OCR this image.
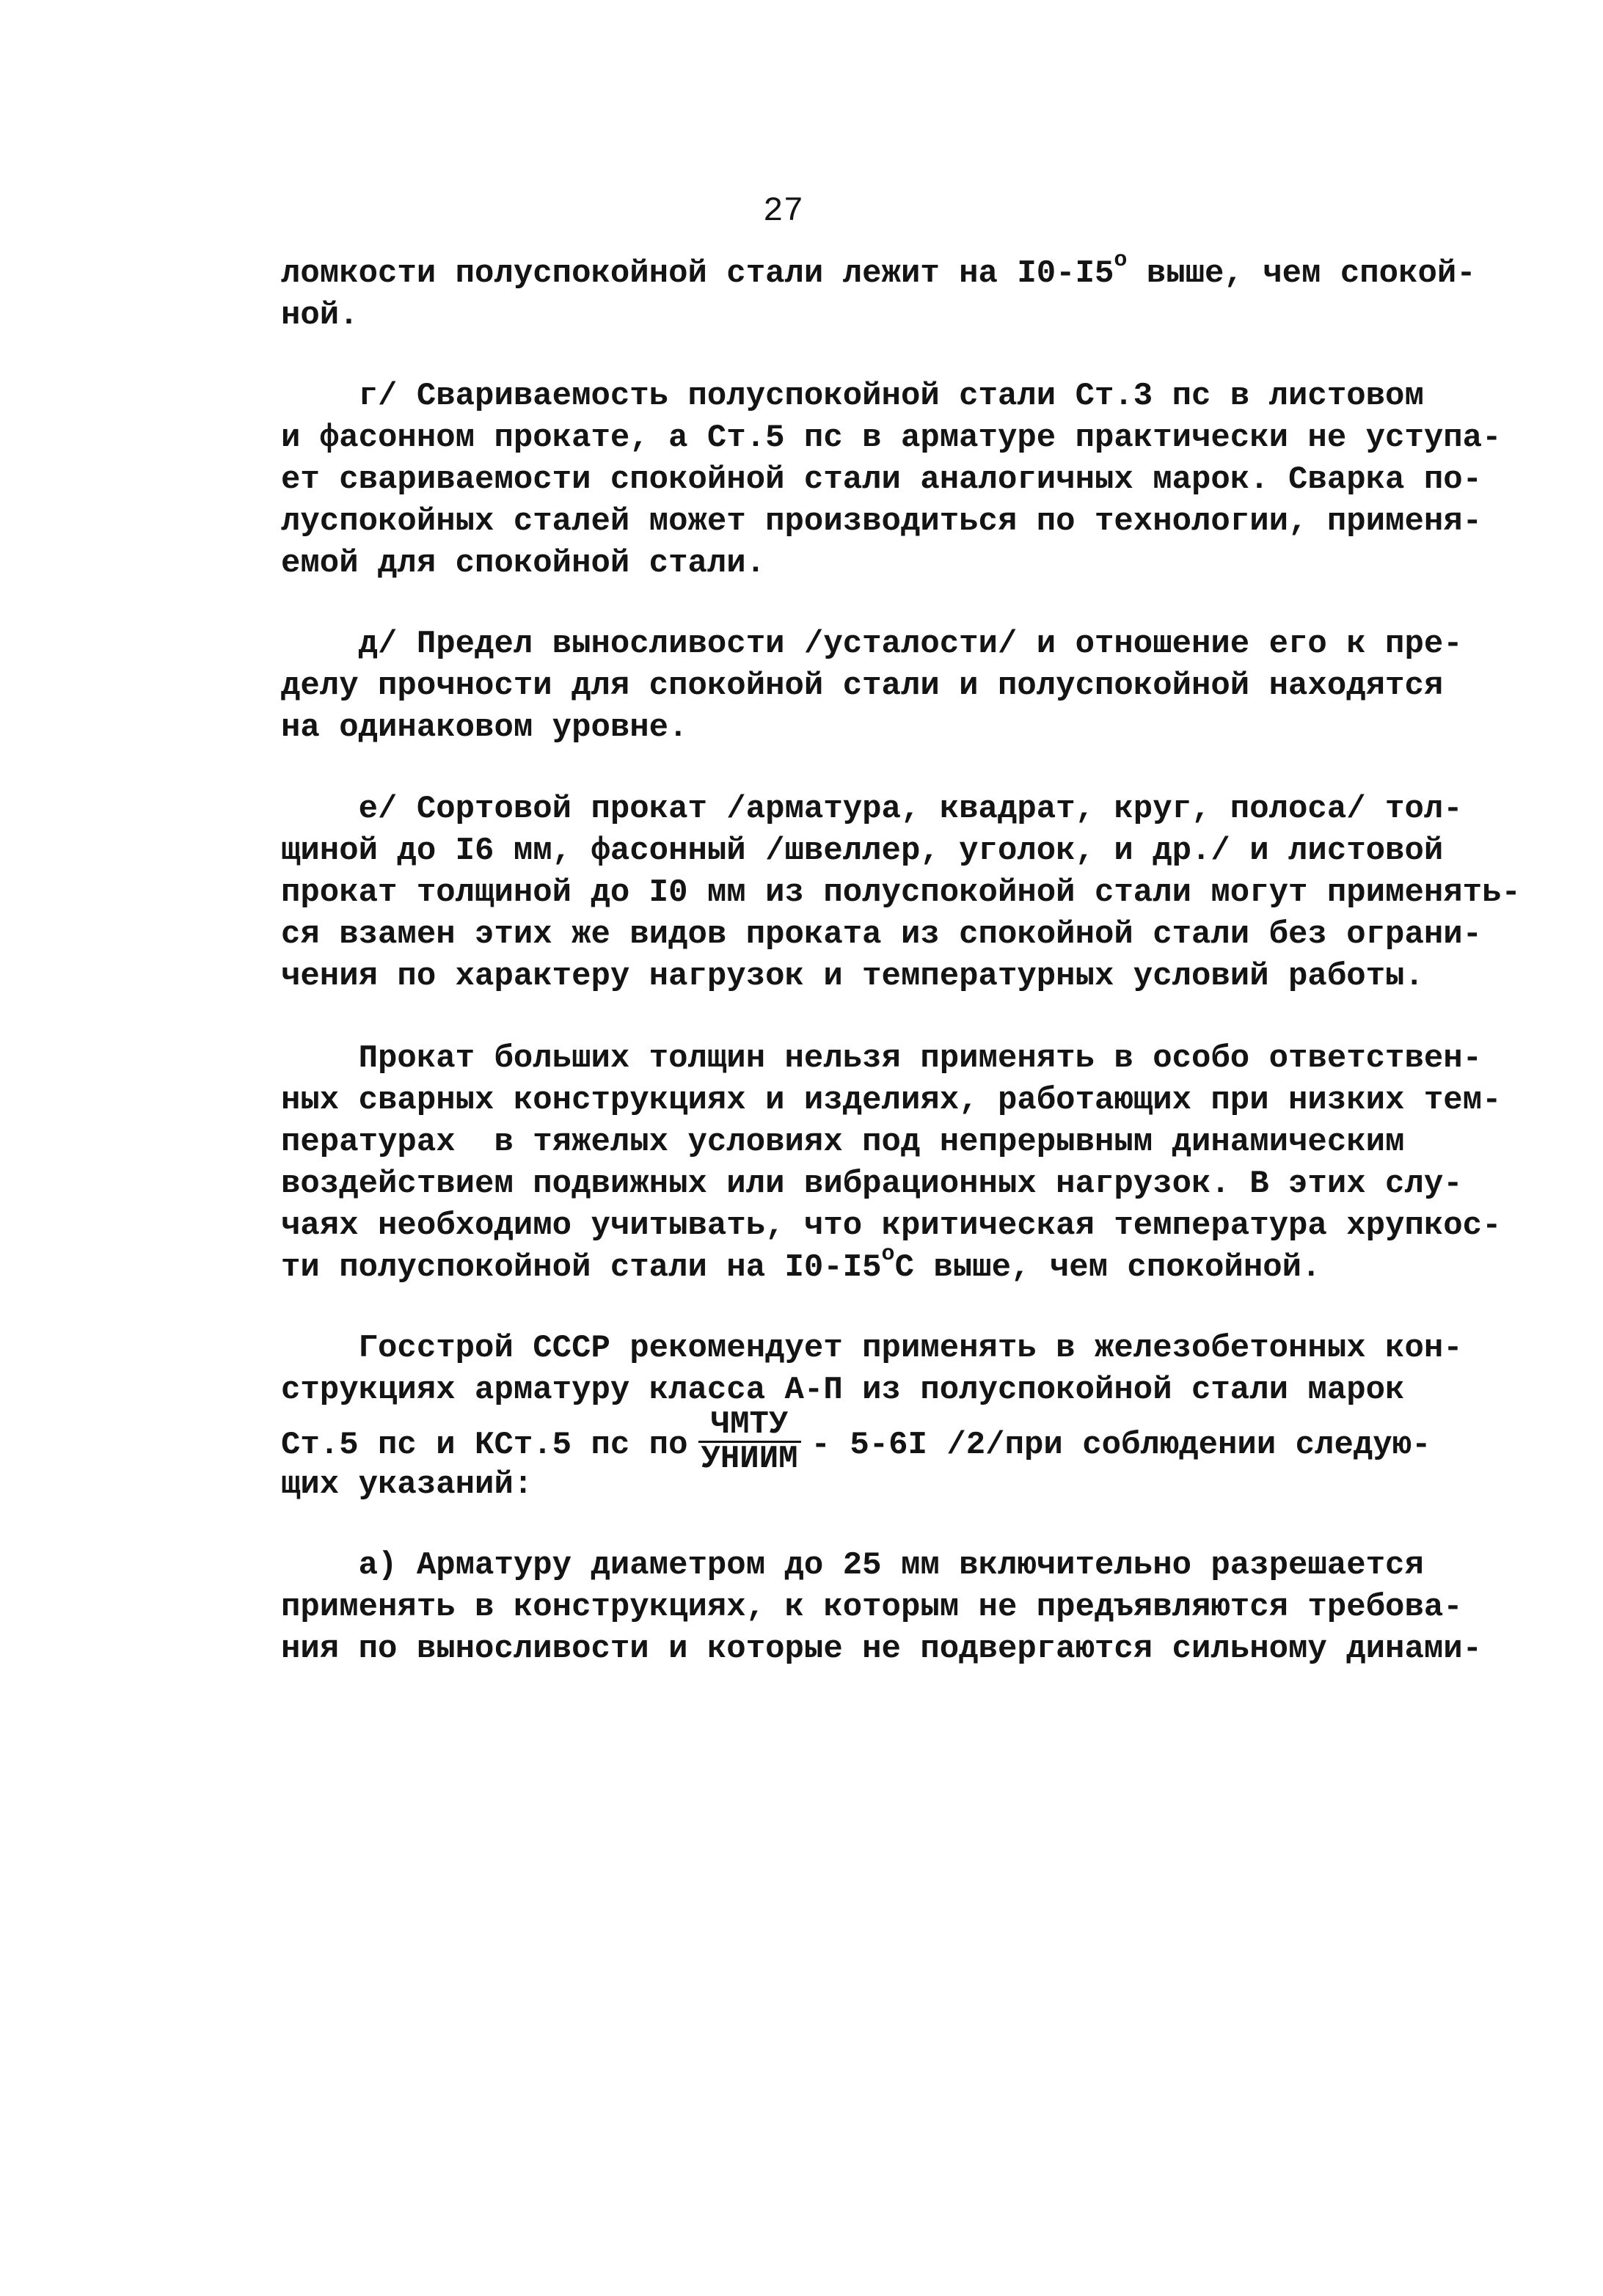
27
ломкости полуспокойной стали лежит на $I0-I5^о$ выше, чем спокой-
ной.
г/ Свариваемость полуспокойной стали Ст.3 пс в листовом
и фасонном прокате, а Ст.5 пс в арматуре практически не уступа-
ет свариваемости спокойной стали аналогичных марок. Сварка по-
луспокойных сталей может производиться по технологии, применя-
емой для спокойной стали.
д/ Предел выносливости /усталости/ и отношение его к пре-
делу прочности для спокойной стали и полуспокойной находятся
на одинаковом уровне.
е/ Сортовой прокат /арматура, квадрат, круг, полоса/ тол-
щиной до I6 мм, фасонный /швеллер, уголок, и др./ и листовой
прокат толщиной до I0 мм из полуспокойной стали могут применять-
ся взамен этих же видов проката из спокойной стали без ограни-
чения по характеру нагрузок и температурных условий работы.
Прокат больших толщин нельзя применять в особо ответствен-
ных сварных конструкциях и изделиях, работающих при низких тем-
пературах  в тяжелых условиях под непрерывным динамическим
воздействием подвижных или вибрационных нагрузок. В этих слу-
чаях необходимо учитывать, что критическая температура хрупкос-
ти полуспокойной стали на $I0-I5^оС$ выше, чем спокойной.
Госстрой СССР рекомендует применять в железобетонных кон-
струкциях арматуру класса А-П из полуспокойной стали марок
Ст.5 пс и КСт.5 пс по $\frac{\text{ЧМТУ}}{\text{УНИИМ}} - 5-6I$ /2/при соблюдении следую-
щих указаний:
а) Арматуру диаметром до 25 мм включительно разрешается
применять в конструкциях, к которым не предъявляются требова-
ния по выносливости и которые не подвергаются сильному динами-
